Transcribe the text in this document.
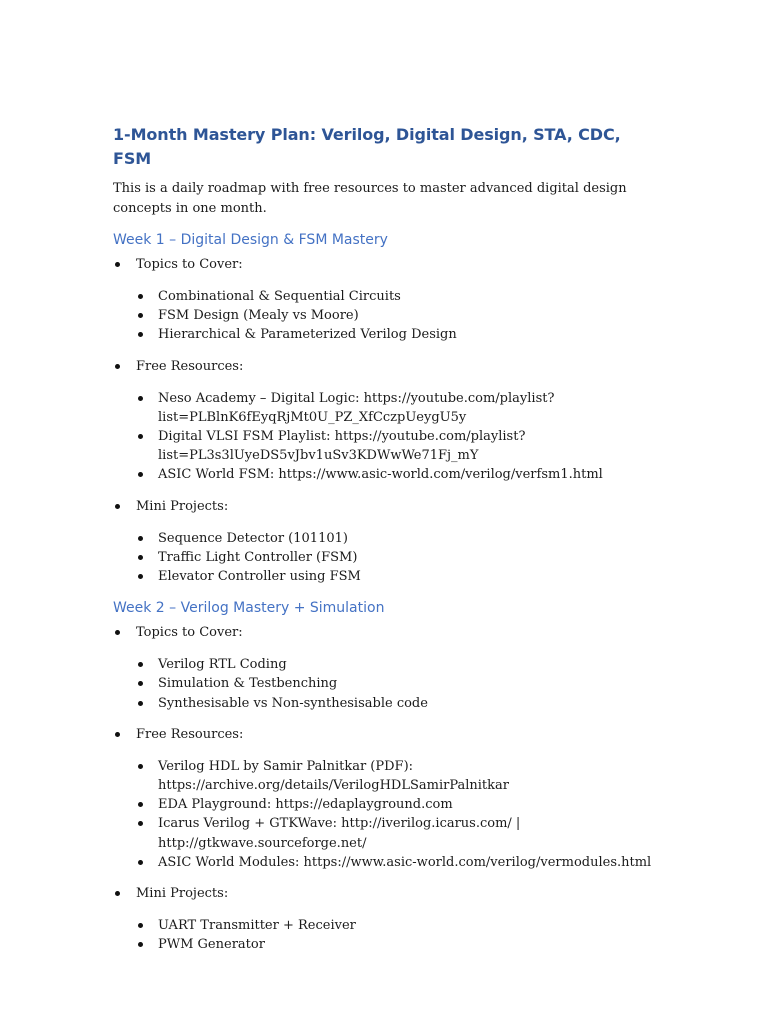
1-Month Mastery Plan: Verilog, Digital Design, STA, CDC, FSM

This is a daily roadmap with free resources to master advanced digital design concepts in one month.

Week 1 – Digital Design & FSM Mastery
Topics to Cover:
Combinational & Sequential Circuits
FSM Design (Mealy vs Moore)
Hierarchical & Parameterized Verilog Design
Free Resources:
Neso Academy – Digital Logic: https://youtube.com/playlist?list=PLBlnK6fEyqRjMt0U_PZ_XfCczpUeygU5y
Digital VLSI FSM Playlist: https://youtube.com/playlist?list=PL3s3lUyeDS5vJbv1uSv3KDWwWe71Fj_mY
ASIC World FSM: https://www.asic-world.com/verilog/verfsm1.html
Mini Projects:
Sequence Detector (101101)
Traffic Light Controller (FSM)
Elevator Controller using FSM
Week 2 – Verilog Mastery + Simulation
Topics to Cover:
Verilog RTL Coding
Simulation & Testbenching
Synthesisable vs Non-synthesisable code
Free Resources:
Verilog HDL by Samir Palnitkar (PDF): https://archive.org/details/VerilogHDLSamirPalnitkar
EDA Playground: https://edaplayground.com
Icarus Verilog + GTKWave: http://iverilog.icarus.com/ | http://gtkwave.sourceforge.net/
ASIC World Modules: https://www.asic-world.com/verilog/vermodules.html
Mini Projects:
UART Transmitter + Receiver
PWM Generator
